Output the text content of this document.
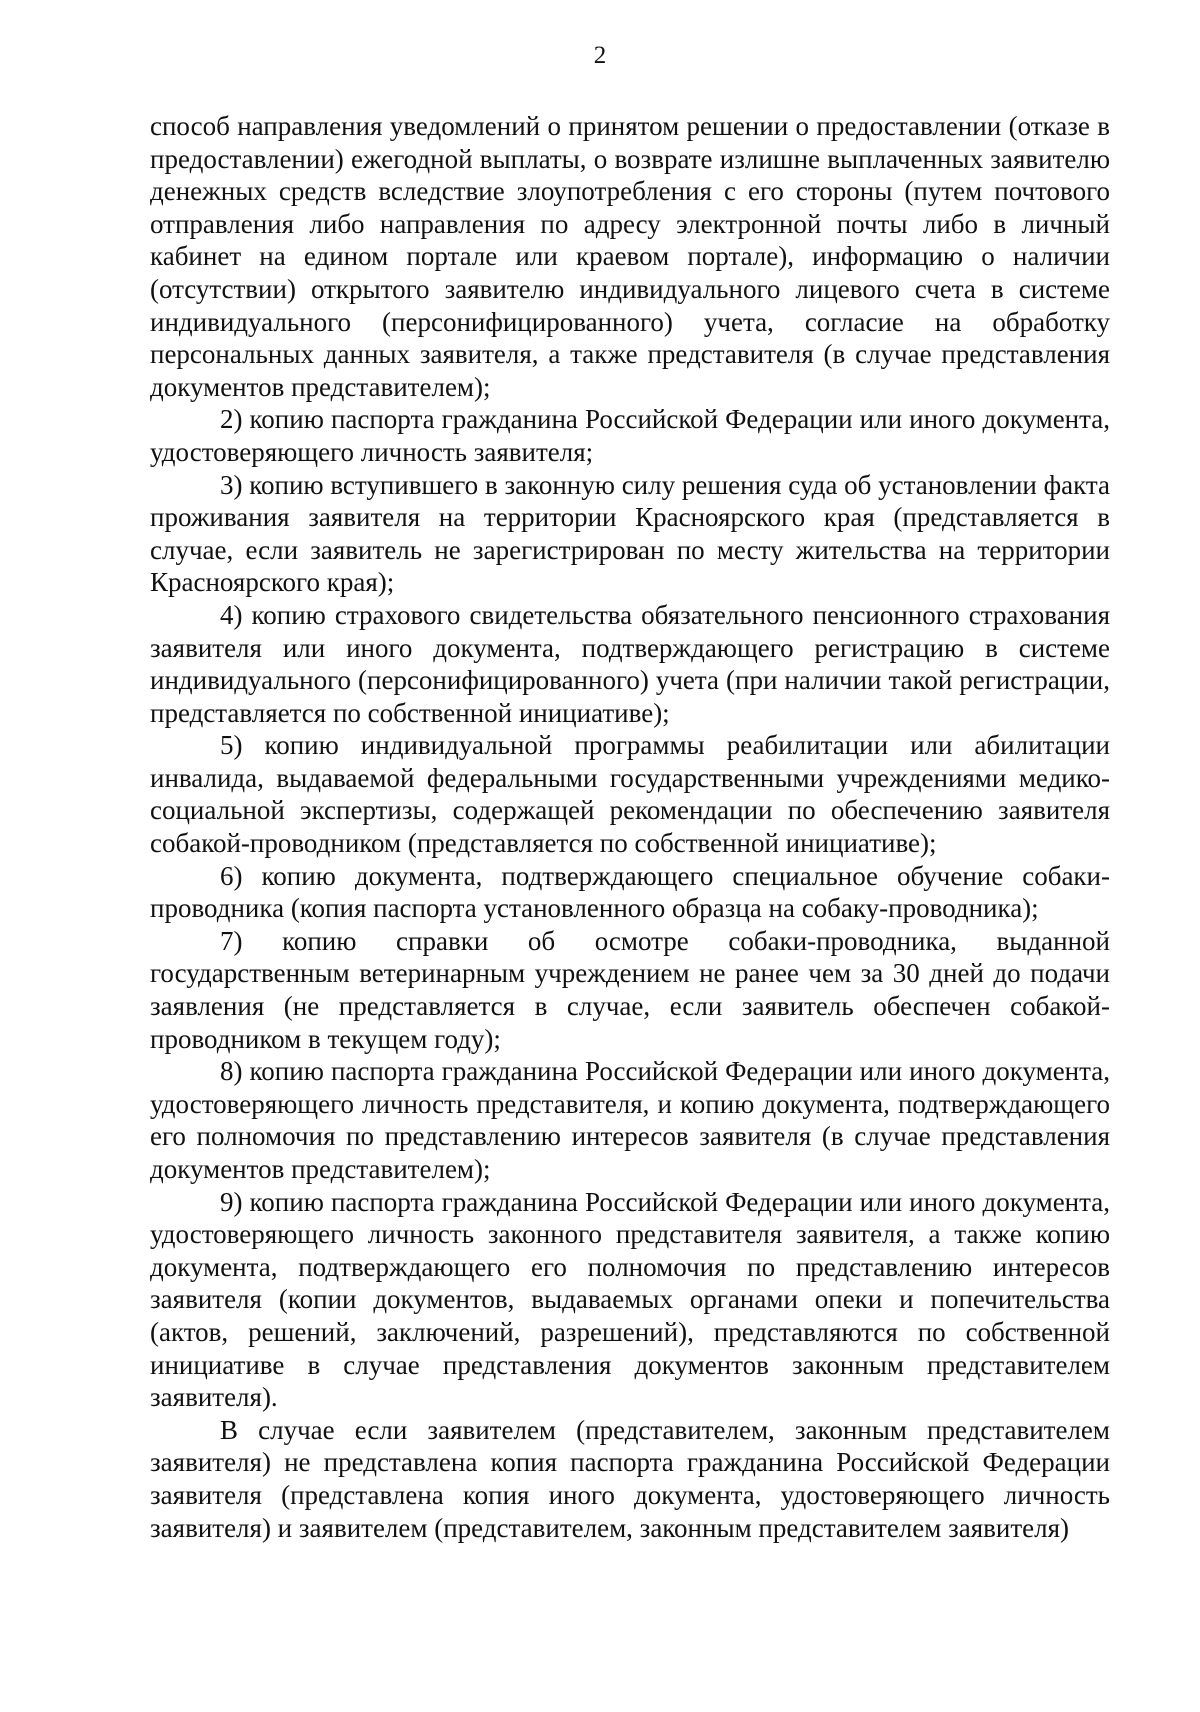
2

способ направления уведомлений о принятом решении о предоставлении (отказе в предоставлении) ежегодной выплаты, о возврате излишне выплаченных заявителю денежных средств вследствие злоупотребления с его стороны (путем почтового отправления либо направления по адресу электронной почты либо в личный кабинет на едином портале или краевом портале), информацию о наличии (отсутствии) открытого заявителю индивидуального лицевого счета в системе индивидуального (персонифицированного) учета, согласие на обработку персональных данных заявителя, а также представителя (в случае представления документов представителем);

2) копию паспорта гражданина Российской Федерации или иного документа, удостоверяющего личность заявителя;

3) копию вступившего в законную силу решения суда об установлении факта проживания заявителя на территории Красноярского края (представляется в случае, если заявитель не зарегистрирован по месту жительства на территории Красноярского края);

4) копию страхового свидетельства обязательного пенсионного страхования заявителя или иного документа, подтверждающего регистрацию в системе индивидуального (персонифицированного) учета (при наличии такой регистрации, представляется по собственной инициативе);

5) копию индивидуальной программы реабилитации или абилитации инвалида, выдаваемой федеральными государственными учреждениями медико-социальной экспертизы, содержащей рекомендации по обеспечению заявителя собакой-проводником (представляется по собственной инициативе);

6) копию документа, подтверждающего специальное обучение собаки-проводника (копия паспорта установленного образца на собаку-проводника);

7) копию справки об осмотре собаки-проводника, выданной государственным ветеринарным учреждением не ранее чем за 30 дней до подачи заявления (не представляется в случае, если заявитель обеспечен собакой-проводником в текущем году);

8) копию паспорта гражданина Российской Федерации или иного документа, удостоверяющего личность представителя, и копию документа, подтверждающего его полномочия по представлению интересов заявителя (в случае представления документов представителем);

9) копию паспорта гражданина Российской Федерации или иного документа, удостоверяющего личность законного представителя заявителя, а также копию документа, подтверждающего его полномочия по представлению интересов заявителя (копии документов, выдаваемых органами опеки и попечительства (актов, решений, заключений, разрешений), представляются по собственной инициативе в случае представления документов законным представителем заявителя).

В случае если заявителем (представителем, законным представителем заявителя) не представлена копия паспорта гражданина Российской Федерации заявителя (представлена копия иного документа, удостоверяющего личность заявителя) и заявителем (представителем, законным представителем заявителя)
